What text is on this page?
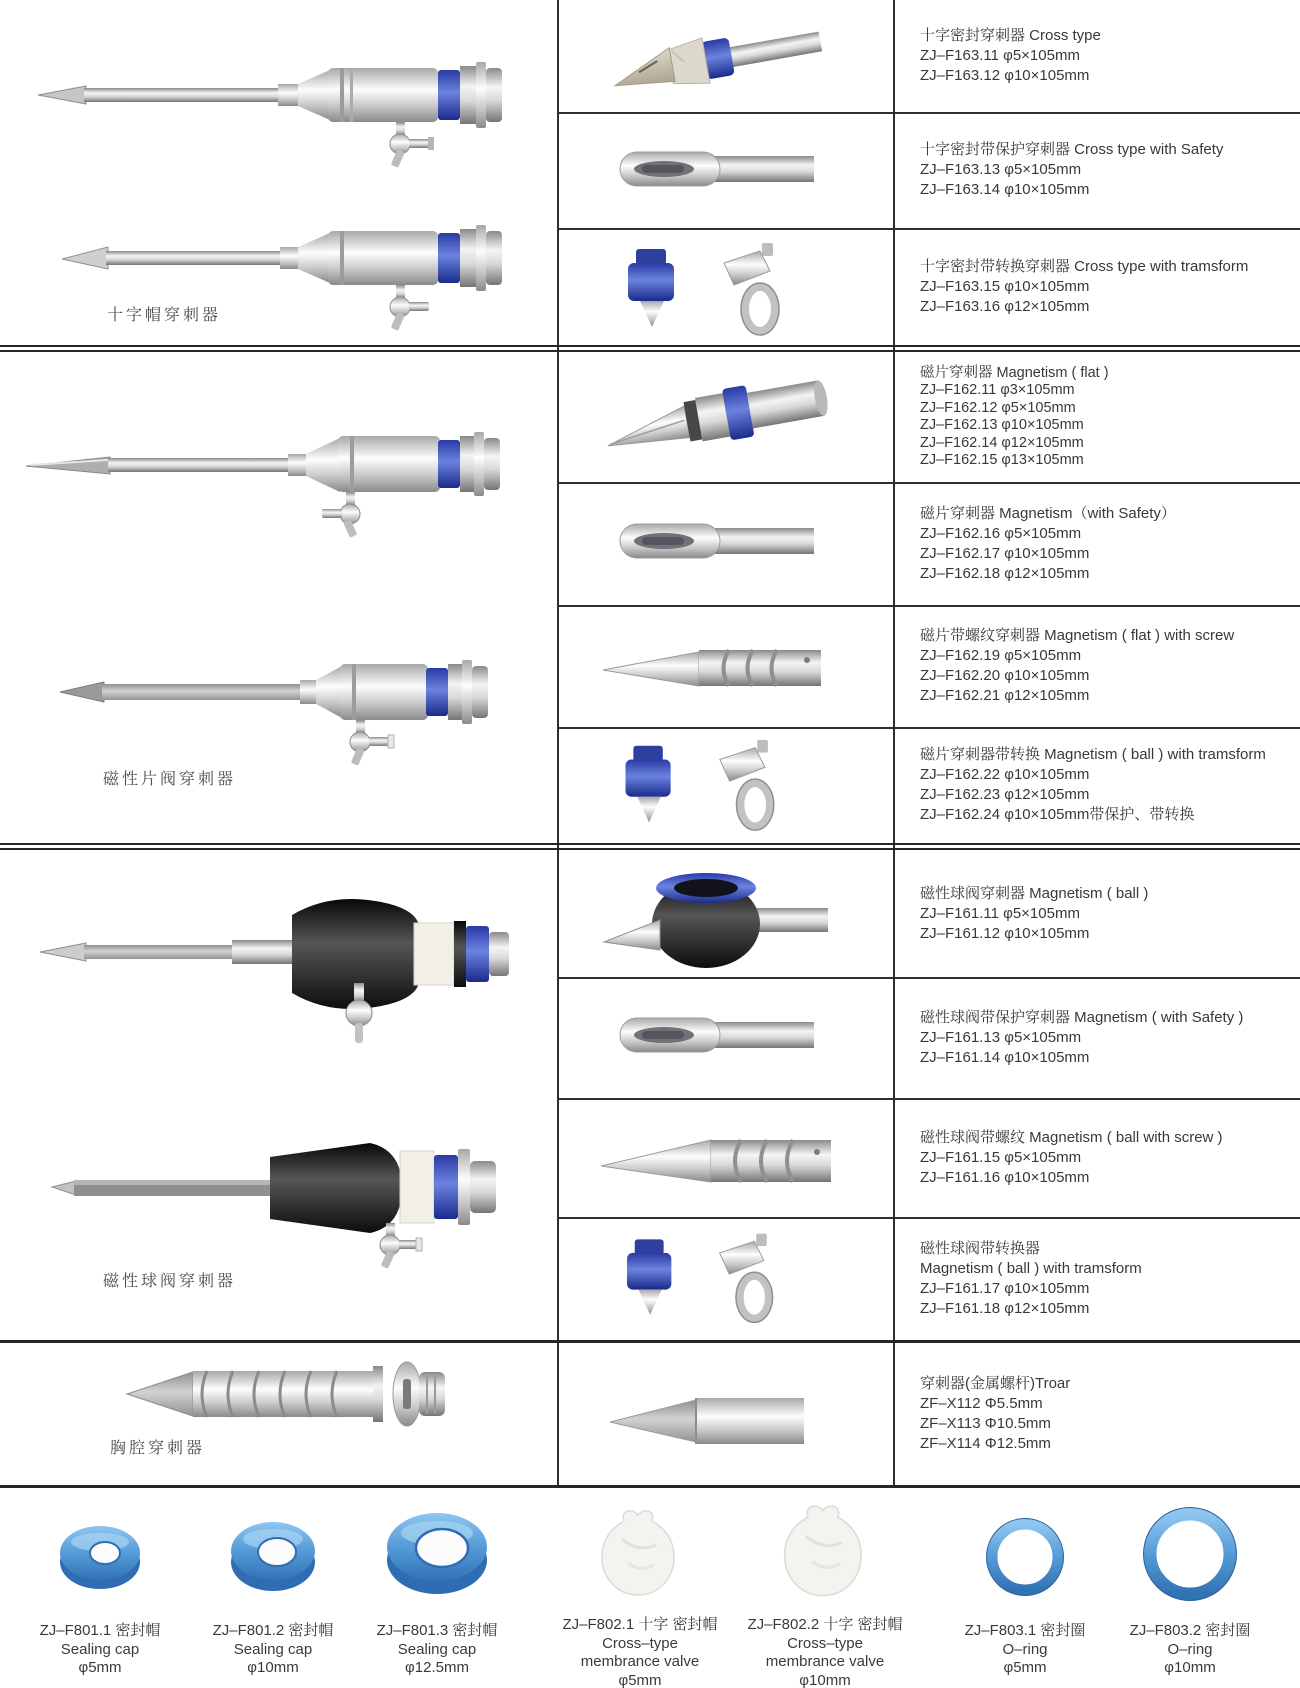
十字帽穿刺器
磁性片阀穿刺器
磁性球阀穿刺器
胸腔穿刺器
十字密封穿刺器 Cross type
ZJ–F163.11 φ5×105mm
ZJ–F163.12 φ10×105mm
十字密封带保护穿刺器 Cross type with Safety
ZJ–F163.13 φ5×105mm
ZJ–F163.14 φ10×105mm
十字密封带转换穿刺器 Cross type with tramsform
ZJ–F163.15 φ10×105mm
ZJ–F163.16 φ12×105mm
磁片穿刺器 Magnetism ( flat )
ZJ–F162.11 φ3×105mm
ZJ–F162.12 φ5×105mm
ZJ–F162.13 φ10×105mm
ZJ–F162.14 φ12×105mm
ZJ–F162.15 φ13×105mm
磁片穿刺器 Magnetism（with Safety）
ZJ–F162.16 φ5×105mm
ZJ–F162.17 φ10×105mm
ZJ–F162.18 φ12×105mm
磁片带螺纹穿刺器 Magnetism ( flat ) with screw
ZJ–F162.19 φ5×105mm
ZJ–F162.20 φ10×105mm
ZJ–F162.21 φ12×105mm
磁片穿刺器带转换 Magnetism ( ball ) with tramsform
ZJ–F162.22 φ10×105mm
ZJ–F162.23 φ12×105mm
ZJ–F162.24 φ10×105mm带保护、带转换
磁性球阀穿刺器 Magnetism ( ball )
ZJ–F161.11 φ5×105mm
ZJ–F161.12 φ10×105mm
磁性球阀带保护穿刺器 Magnetism ( with Safety )
ZJ–F161.13 φ5×105mm
ZJ–F161.14 φ10×105mm
磁性球阀带螺纹 Magnetism ( ball with screw )
ZJ–F161.15 φ5×105mm
ZJ–F161.16 φ10×105mm
磁性球阀带转换器
Magnetism ( ball ) with tramsform
ZJ–F161.17 φ10×105mm
ZJ–F161.18 φ12×105mm
穿刺器(金属螺杆)Troar
ZF–X112 Φ5.5mm
ZF–X113 Φ10.5mm
ZF–X114 Φ12.5mm
ZJ–F801.1 密封帽
Sealing cap
φ5mm
ZJ–F801.2 密封帽
Sealing cap
φ10mm
ZJ–F801.3 密封帽
Sealing cap
φ12.5mm
ZJ–F802.1 十字 密封帽
Cross–type
membrance valve
φ5mm
ZJ–F802.2 十字 密封帽
Cross–type
membrance valve
φ10mm
ZJ–F803.1 密封圈
O–ring
φ5mm
ZJ–F803.2 密封圈
O–ring
φ10mm
